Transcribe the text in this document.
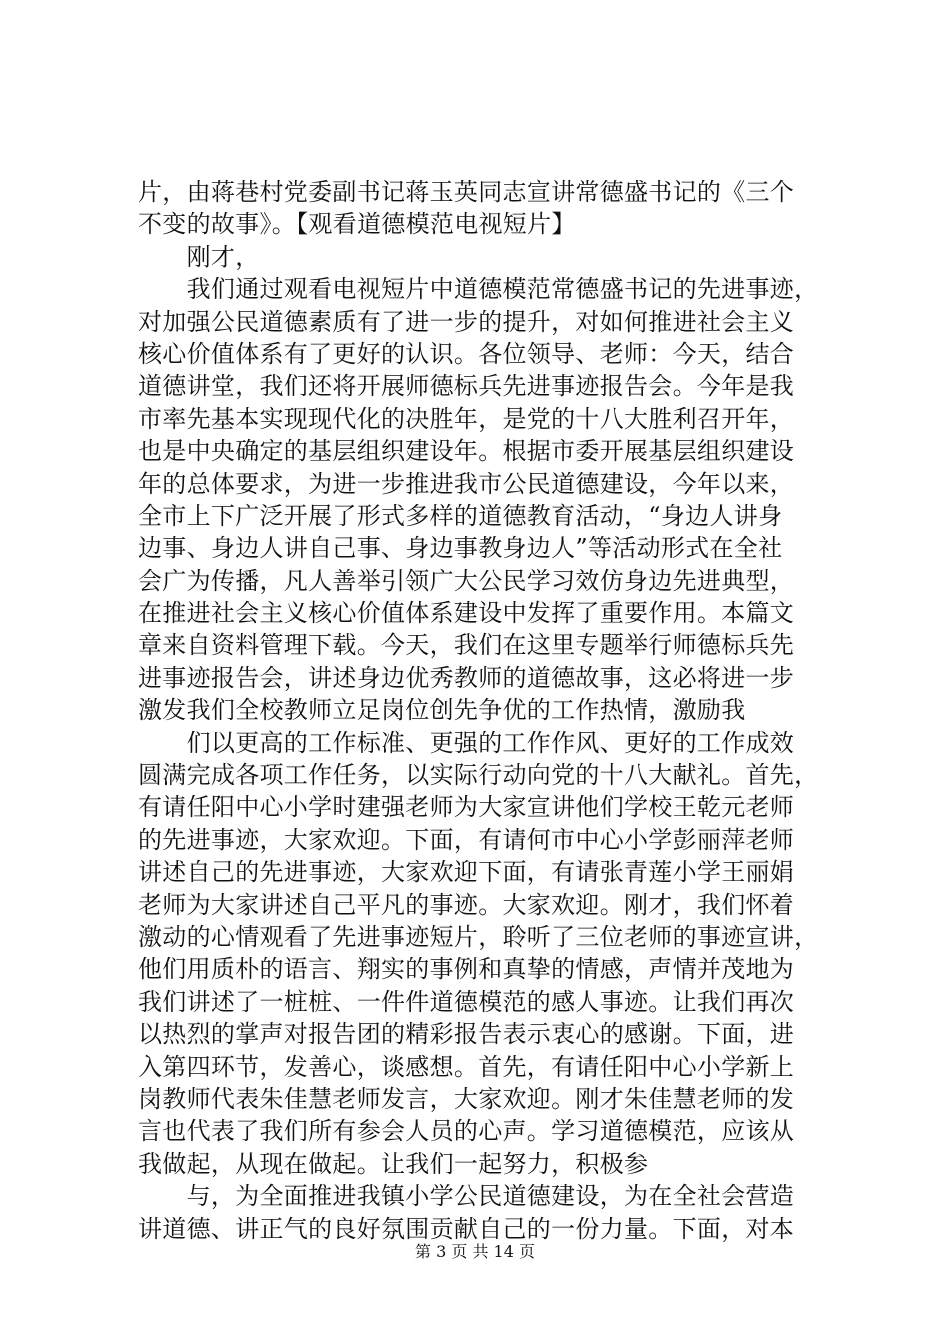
片，由蒋巷村党委副书记蒋玉英同志宣讲常德盛书记的《三个
不变的故事》。【观看道德模范电视短片】
　　刚才，
　　我们通过观看电视短片中道德模范常德盛书记的先进事迹，
对加强公民道德素质有了进一步的提升，对如何推进社会主义
核心价值体系有了更好的认识。各位领导、老师：今天，结合
道德讲堂，我们还将开展师德标兵先进事迹报告会。今年是我
市率先基本实现现代化的决胜年，是党的十八大胜利召开年，
也是中央确定的基层组织建设年。根据市委开展基层组织建设
年的总体要求，为进一步推进我市公民道德建设，今年以来，
全市上下广泛开展了形式多样的道德教育活动，“身边人讲身
边事、身边人讲自己事、身边事教身边人”等活动形式在全社
会广为传播，凡人善举引领广大公民学习效仿身边先进典型，
在推进社会主义核心价值体系建设中发挥了重要作用。本篇文
章来自资料管理下载。今天，我们在这里专题举行师德标兵先
进事迹报告会，讲述身边优秀教师的道德故事，这必将进一步
激发我们全校教师立足岗位创先争优的工作热情，激励我
　　们以更高的工作标准、更强的工作作风、更好的工作成效
圆满完成各项工作任务，以实际行动向党的十八大献礼。首先，
有请任阳中心小学时建强老师为大家宣讲他们学校王乾元老师
的先进事迹，大家欢迎。下面，有请何市中心小学彭丽萍老师
讲述自己的先进事迹，大家欢迎下面，有请张青莲小学王丽娟
老师为大家讲述自己平凡的事迹。大家欢迎。刚才，我们怀着
激动的心情观看了先进事迹短片，聆听了三位老师的事迹宣讲，
他们用质朴的语言、翔实的事例和真挚的情感，声情并茂地为
我们讲述了一桩桩、一件件道德模范的感人事迹。让我们再次
以热烈的掌声对报告团的精彩报告表示衷心的感谢。下面，进
入第四环节，发善心，谈感想。首先，有请任阳中心小学新上
岗教师代表朱佳慧老师发言，大家欢迎。刚才朱佳慧老师的发
言也代表了我们所有参会人员的心声。学习道德模范，应该从
我做起，从现在做起。让我们一起努力，积极参
　　与，为全面推进我镇小学公民道德建设，为在全社会营造
讲道德、讲正气的良好氛围贡献自己的一份力量。下面，对本
第 3 页 共 14 页
